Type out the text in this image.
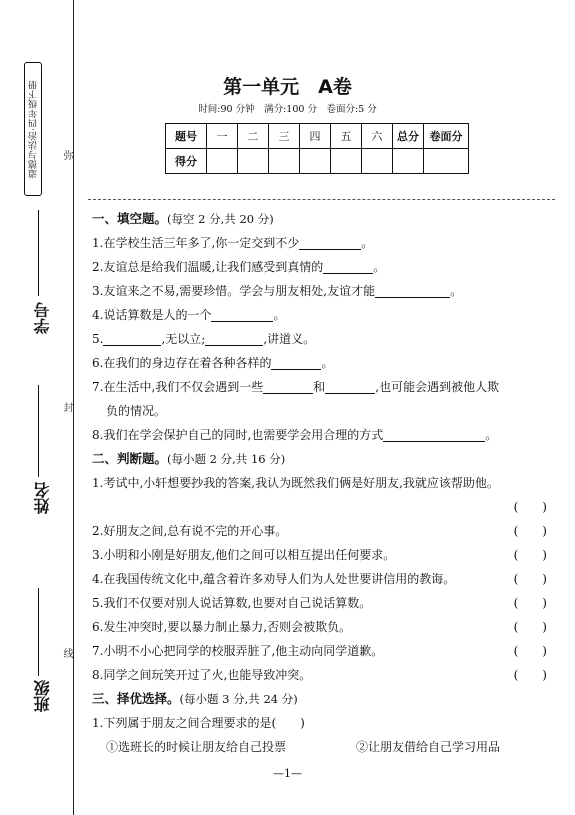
道德与法治·四年级下册
学号
姓名
班级
弥
封
线
第一单元　A卷
时间:90 分钟　满分:100 分　卷面分:5 分
题号	一	二	三	四	五	六	总分	卷面分
得分								
一、填空题。(每空 2 分,共 20 分)
1.在学校生活三年多了,你一定交到不少	。
2.友谊总是给我们温暖,让我们感受到真情的	。
3.友谊来之不易,需要珍惜。学会与朋友相处,友谊才能	。
4.说话算数是人的一个	。
5.	,无以立;	,讲道义。
6.在我们的身边存在着各种各样的	。
7.在生活中,我们不仅会遇到一些	和	,也可能会遇到被他人欺
负的情况。
8.我们在学会保护自己的同时,也需要学会用合理的方式	。
二、判断题。(每小题 2 分,共 16 分)
1.考试中,小轩想要抄我的答案,我认为既然我们俩是好朋友,我就应该帮助他。
(　　)
2.好朋友之间,总有说不完的开心事。	(　　)
3.小明和小刚是好朋友,他们之间可以相互提出任何要求。	(　　)
4.在我国传统文化中,蕴含着许多劝导人们为人处世要讲信用的教诲。	(　　)
5.我们不仅要对别人说话算数,也要对自己说话算数。	(　　)
6.发生冲突时,要以暴力制止暴力,否则会被欺负。	(　　)
7.小明不小心把同学的校服弄脏了,他主动向同学道歉。	(　　)
8.同学之间玩笑开过了火,也能导致冲突。	(　　)
三、择优选择。(每小题 3 分,共 24 分)
1.下列属于朋友之间合理要求的是(　　)
①选班长的时候让朋友给自己投票	②让朋友借给自己学习用品
—1—
